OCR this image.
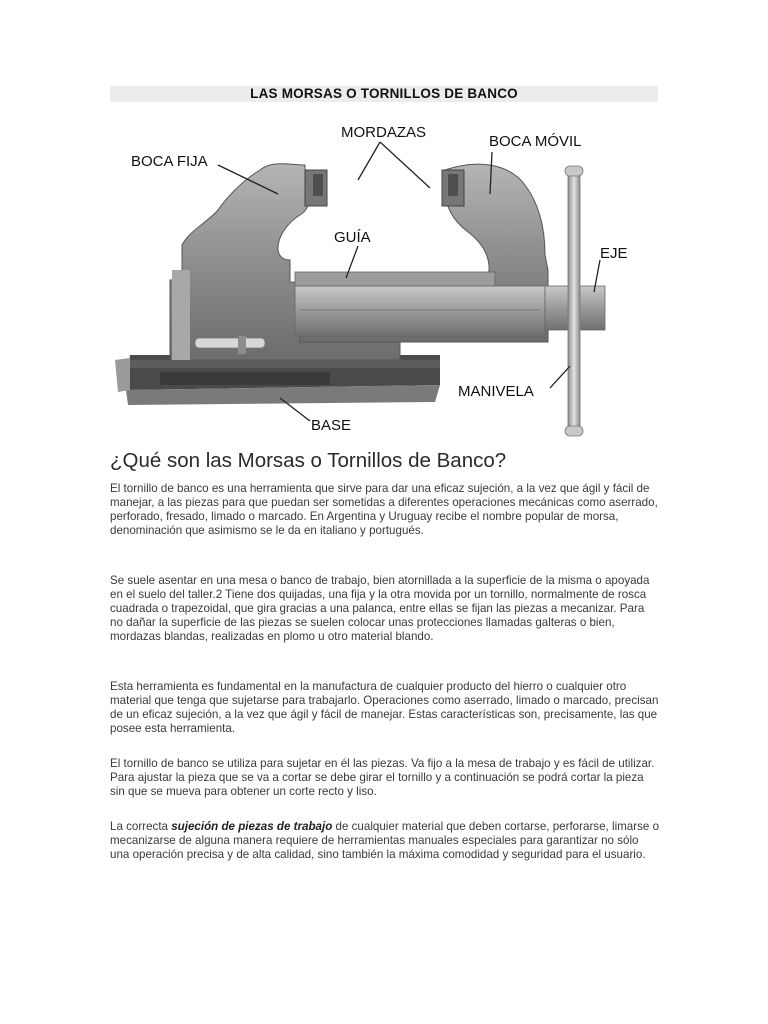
LAS MORSAS O TORNILLOS DE BANCO
BOCA FIJA
MORDAZAS
BOCA MÓVIL
GUÍA
EJE
MANIVELA
BASE
¿Qué son las Morsas o Tornillos de Banco?

El tornillo de banco es una herramienta que sirve para dar una eficaz sujeción, a la vez que ágil y fácil de manejar, a las piezas para que puedan ser sometidas a diferentes operaciones mecánicas como aserrado, perforado, fresado, limado o marcado. En Argentina y Uruguay recibe el nombre popular de morsa, denominación que asimismo se le da en italiano y portugués.

Se suele asentar en una mesa o banco de trabajo, bien atornillada a la superficie de la misma o apoyada en el suelo del taller.2 Tiene dos quijadas, una fija y la otra movida por un tornillo, normalmente de rosca cuadrada o trapezoidal, que gira gracias a una palanca, entre ellas se fijan las piezas a mecanizar. Para no dañar la superficie de las piezas se suelen colocar unas protecciones llamadas galteras o bien, mordazas blandas, realizadas en plomo u otro material blando.

Esta herramienta es fundamental en la manufactura de cualquier producto del hierro o cualquier otro material que tenga que sujetarse para trabajarlo. Operaciones como aserrado, limado o marcado, precisan de un eficaz sujeción, a la vez que ágil y fácil de manejar. Estas características son, precisamente, las que posee esta herramienta.

El tornillo de banco se utiliza para sujetar en él las piezas. Va fijo a la mesa de trabajo y es fácil de utilizar. Para ajustar la pieza que se va a cortar se debe girar el tornillo y a continuación se podrá cortar la pieza sin que se mueva para obtener un corte recto y liso.

La correcta sujeción de piezas de trabajo de cualquier material que deben cortarse, perforarse, limarse o mecanizarse de alguna manera requiere de herramientas manuales especiales para garantizar no sólo una operación precisa y de alta calidad, sino también la máxima comodidad y seguridad para el usuario.
